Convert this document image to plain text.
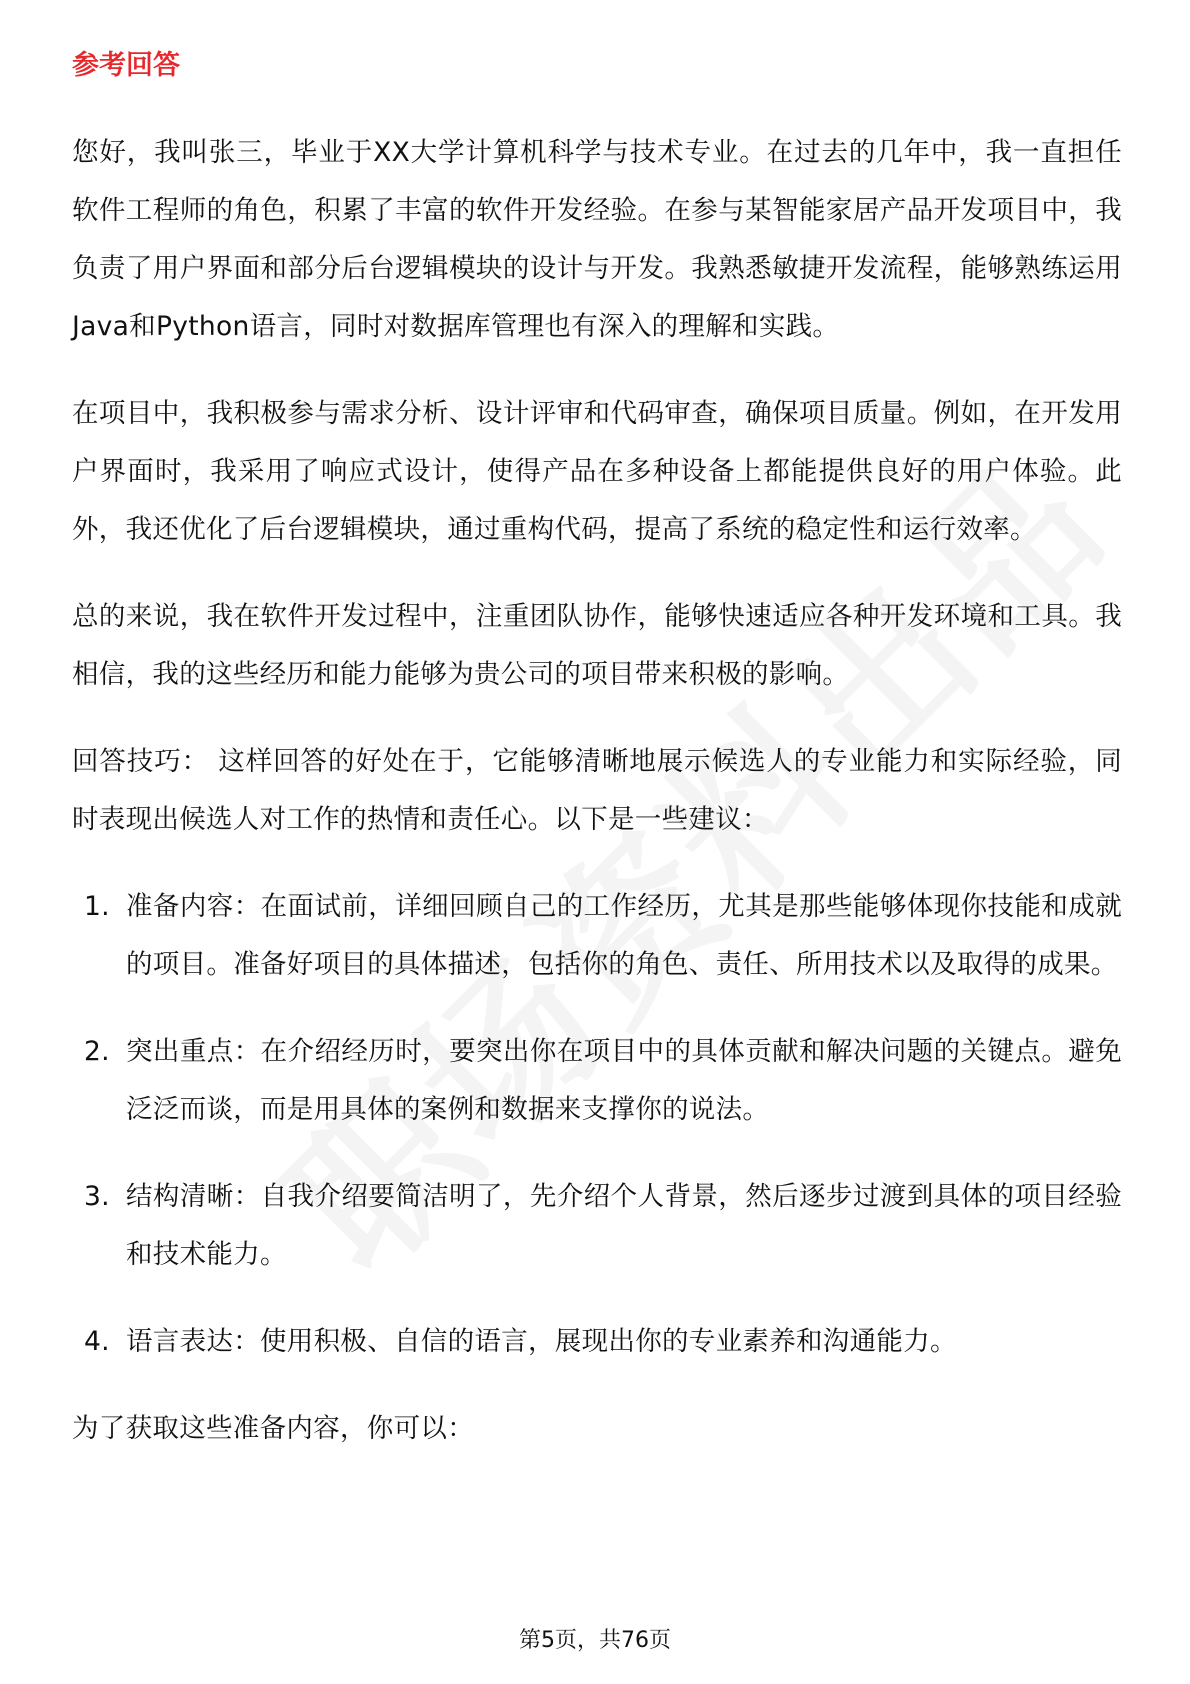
参考回答

您好，我叫张三，毕业于XX大学计算机科学与技术专业。在过去的几年中，我一直担任软件工程师的角色，积累了丰富的软件开发经验。在参与某智能家居产品开发项目中，我负责了用户界面和部分后台逻辑模块的设计与开发。我熟悉敏捷开发流程，能够熟练运用Java和Python语言，同时对数据库管理也有深入的理解和实践。

在项目中，我积极参与需求分析、设计评审和代码审查，确保项目质量。例如，在开发用户界面时，我采用了响应式设计，使得产品在多种设备上都能提供良好的用户体验。此外，我还优化了后台逻辑模块，通过重构代码，提高了系统的稳定性和运行效率。

总的来说，我在软件开发过程中，注重团队协作，能够快速适应各种开发环境和工具。我相信，我的这些经历和能力能够为贵公司的项目带来积极的影响。

回答技巧： 这样回答的好处在于，它能够清晰地展示候选人的专业能力和实际经验，同时表现出候选人对工作的热情和责任心。以下是一些建议：

1. 准备内容：在面试前，详细回顾自己的工作经历，尤其是那些能够体现你技能和成就的项目。准备好项目的具体描述，包括你的角色、责任、所用技术以及取得的成果。
2. 突出重点：在介绍经历时，要突出你在项目中的具体贡献和解决问题的关键点。避免泛泛而谈，而是用具体的案例和数据来支撑你的说法。
3. 结构清晰：自我介绍要简洁明了，先介绍个人背景，然后逐步过渡到具体的项目经验和技术能力。
4. 语言表达：使用积极、自信的语言，展现出你的专业素养和沟通能力。

为了获取这些准备内容，你可以：

第5页，共76页
